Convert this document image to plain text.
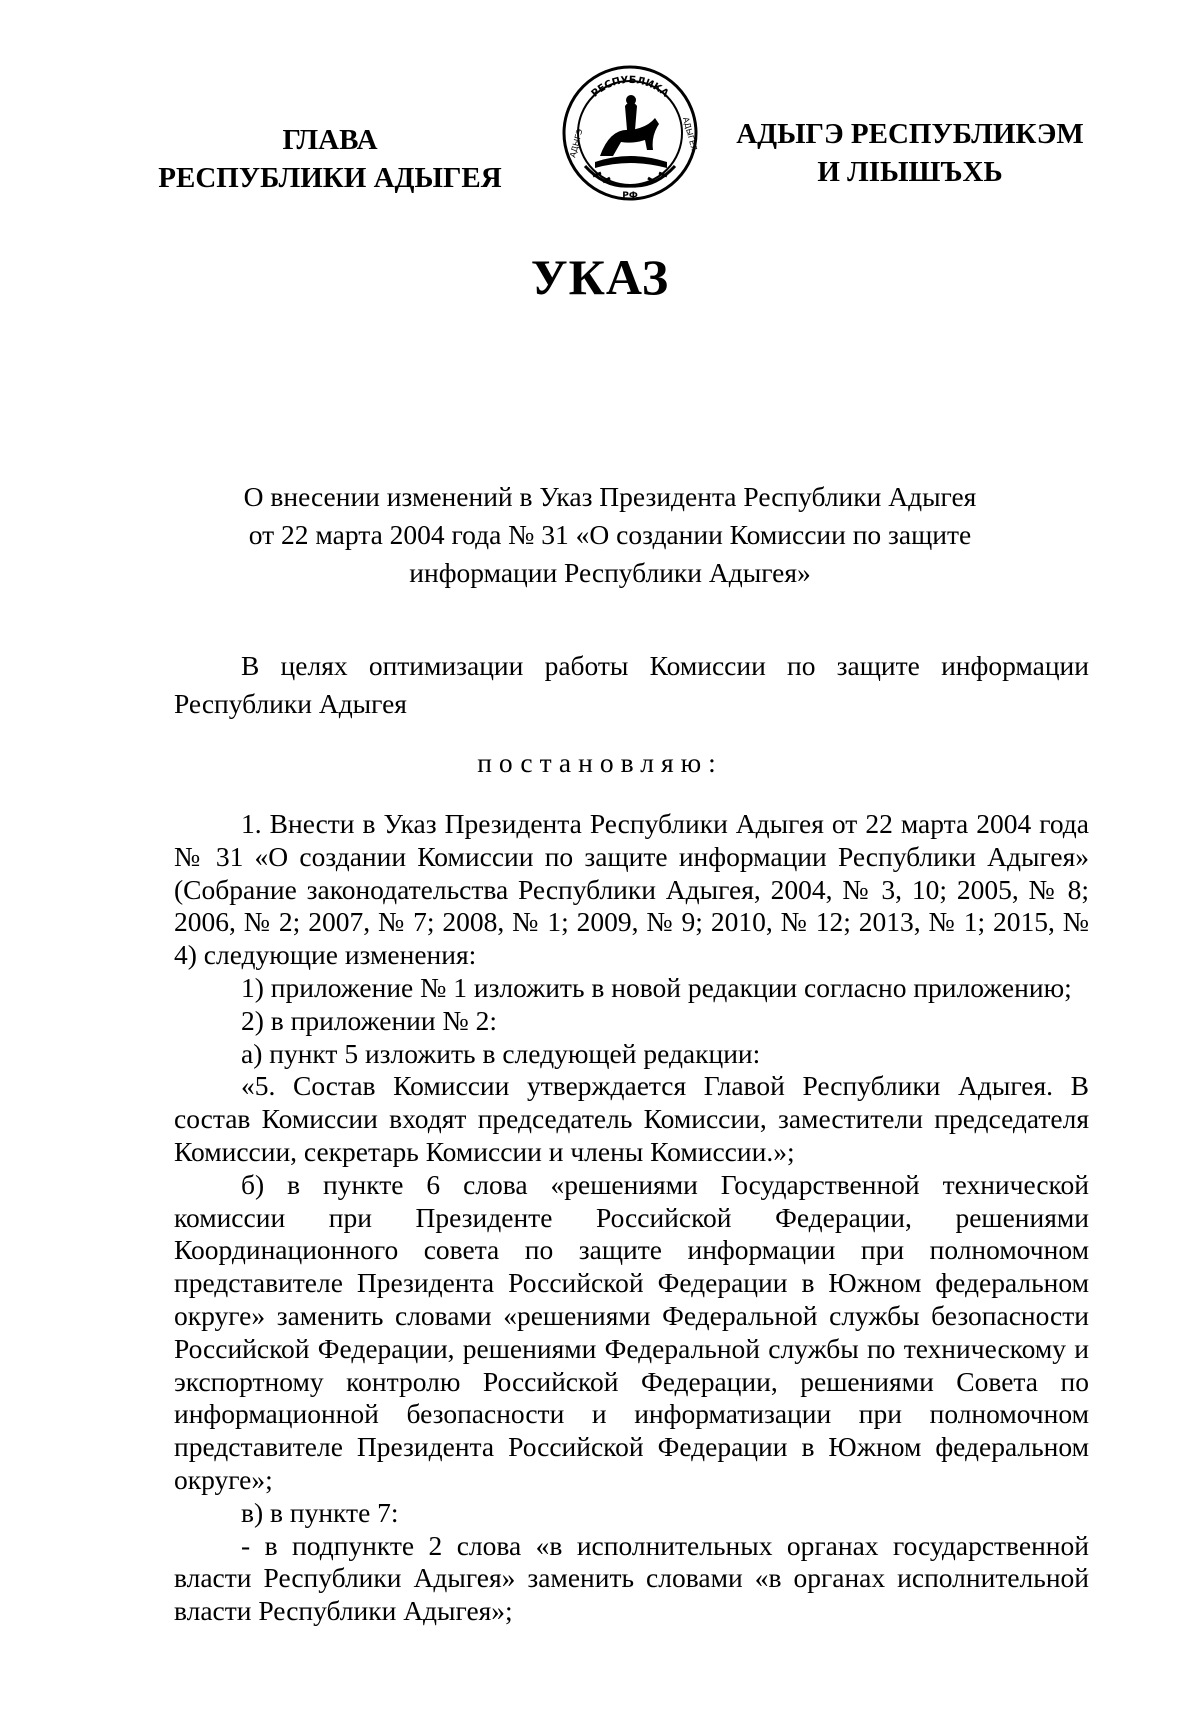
ГЛАВА
РЕСПУБЛИКИ АДЫГЕЯ
РЕСПУБЛИКА
АДЫГЭ	АДЫГЕЯ
РФ
АДЫГЭ РЕСПУБЛИКЭМ
И ЛІЫШЪХЬ
УКАЗ
О внесении изменений в Указ Президента Республики Адыгея
от 22 марта 2004 года № 31 «О создании Комиссии по защите
информации Республики Адыгея»

В целях оптимизации работы Комиссии по защите информации Республики Адыгея

постановляю:

1. Внести в Указ Президента Республики Адыгея от 22 марта 2004 года № 31 «О создании Комиссии по защите информации Республики Адыгея» (Собрание законодательства Республики Адыгея, 2004, № 3, 10; 2005, № 8; 2006, № 2; 2007, № 7; 2008, № 1; 2009, № 9; 2010, № 12; 2013, № 1; 2015, № 4) следующие изменения:

1) приложение № 1 изложить в новой редакции согласно приложению;

2) в приложении № 2:

а) пункт 5 изложить в следующей редакции:

«5. Состав Комиссии утверждается Главой Республики Адыгея. В состав Комиссии входят председатель Комиссии, заместители председателя Комиссии, секретарь Комиссии и члены Комиссии.»;

б) в пункте 6 слова «решениями Государственной технической комиссии при Президенте Российской Федерации, решениями Координационного совета по защите информации при полномочном представителе Президента Российской Федерации в Южном федеральном округе» заменить словами «решениями Федеральной службы безопасности Российской Федерации, решениями Федеральной службы по техническому и экспортному контролю Российской Федерации, решениями Совета по информационной безопасности и информатизации при полномочном представителе Президента Российской Федерации в Южном федеральном округе»;

в) в пункте 7:

- в подпункте 2 слова «в исполнительных органах государственной власти Республики Адыгея» заменить словами «в органах исполнительной власти Республики Адыгея»;
